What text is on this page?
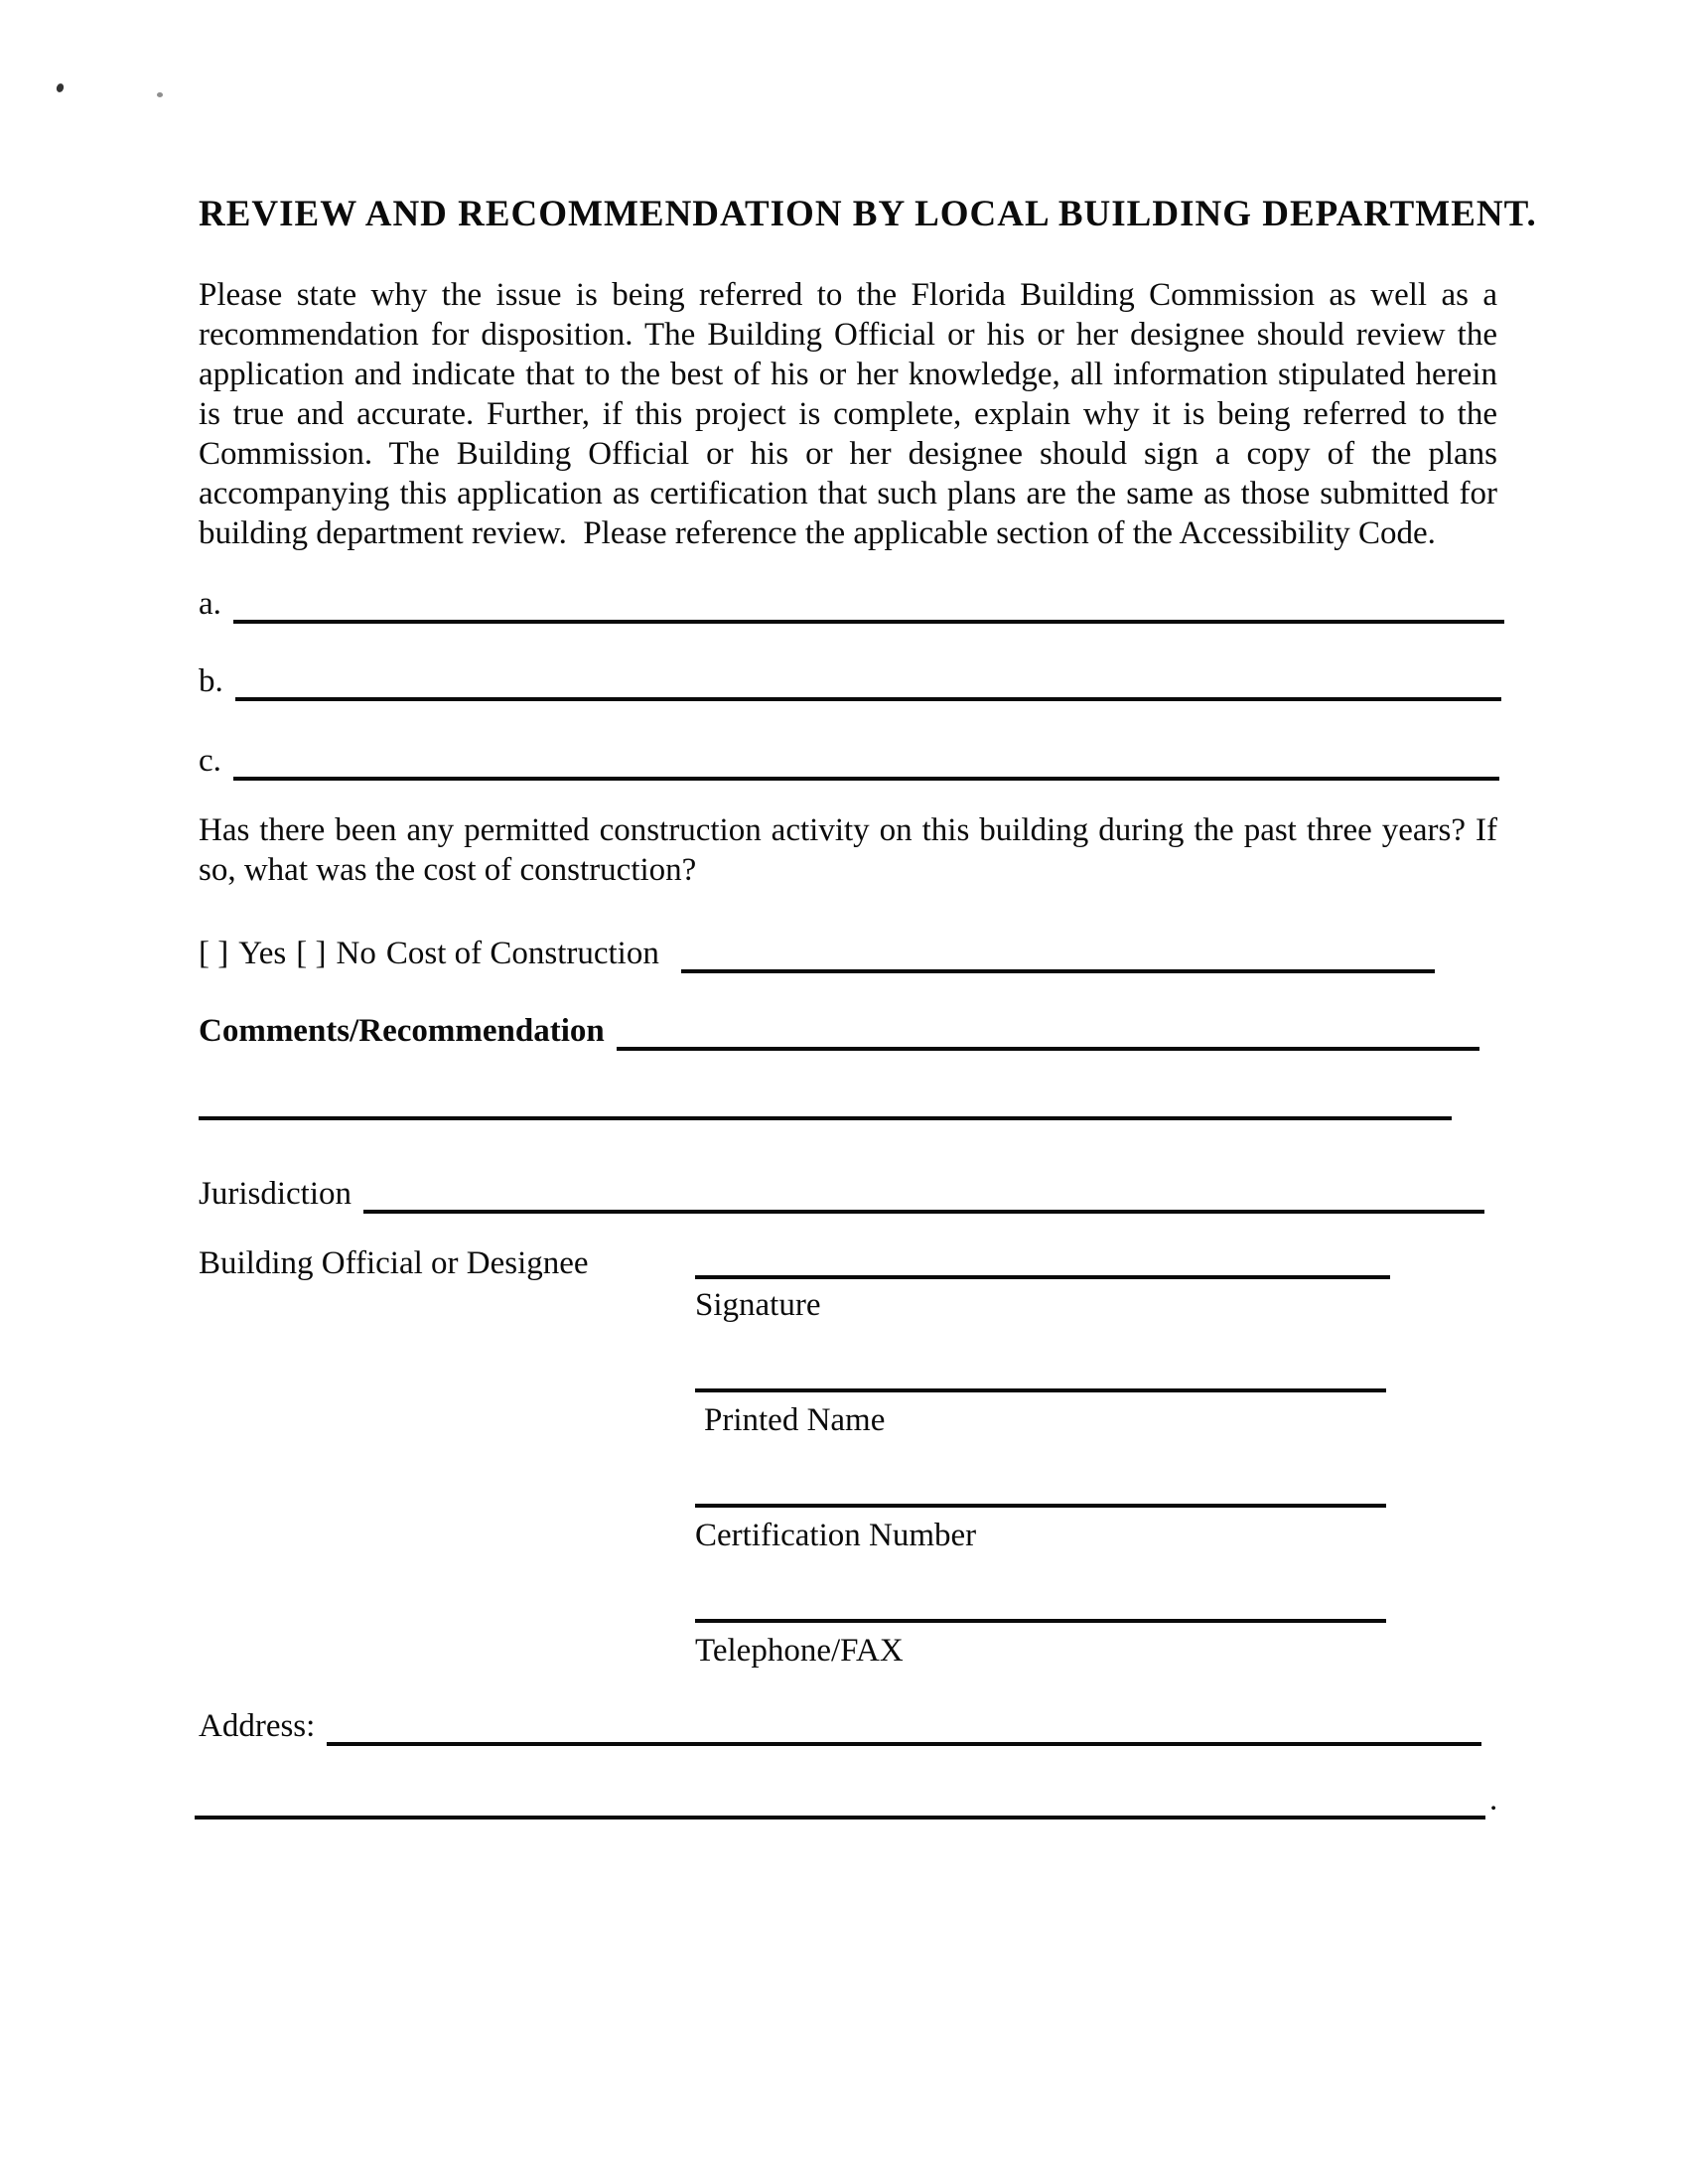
REVIEW AND RECOMMENDATION BY LOCAL BUILDING DEPARTMENT.
Please state why the issue is being referred to the Florida Building Commission as well as a
recommendation for disposition. The Building Official or his or her designee should review the
application and indicate that to the best of his or her knowledge, all information stipulated herein
is true and accurate. Further, if this project is complete, explain why it is being referred to the
Commission. The Building Official or his or her designee should sign a copy of the plans
accompanying this application as certification that such plans are the same as those submitted for
building department review.  Please reference the applicable section of the Accessibility Code.
a.
b.
c.
Has there been any permitted construction activity on this building during the past three years? If
so, what was the cost of construction?
[ ] Yes [ ] No Cost of Construction
Comments/Recommendation
Jurisdiction
Building Official or Designee
Signature
Printed Name
Certification Number
Telephone/FAX
Address:
.
